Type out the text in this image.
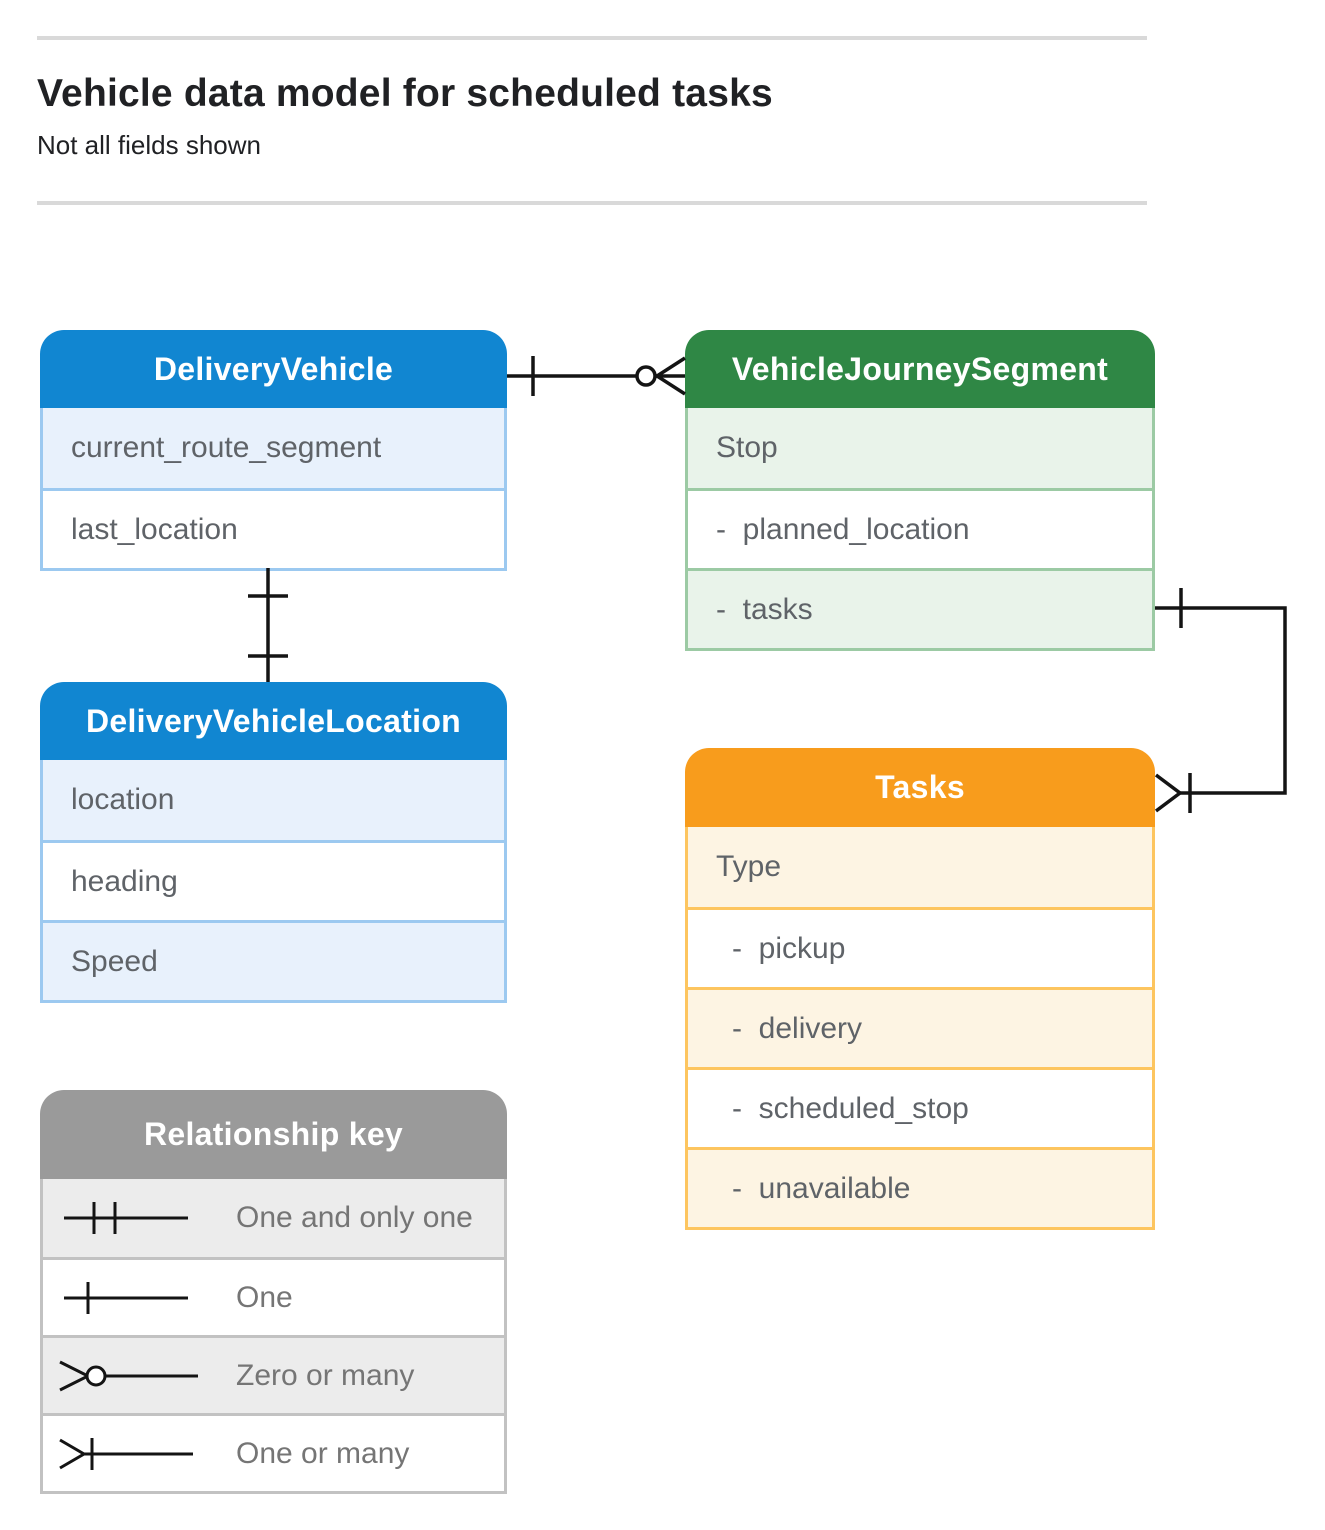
Vehicle data model for scheduled tasks
Not all fields shown
DeliveryVehicle
current_route_segment
last_location
VehicleJourneySegment
Stop
-  planned_location
-  tasks
DeliveryVehicleLocation
location
heading
Speed
Tasks
Type
-  pickup
-  delivery
-  scheduled_stop
-  unavailable
Relationship key
One and only one
One
Zero or many
One or many
